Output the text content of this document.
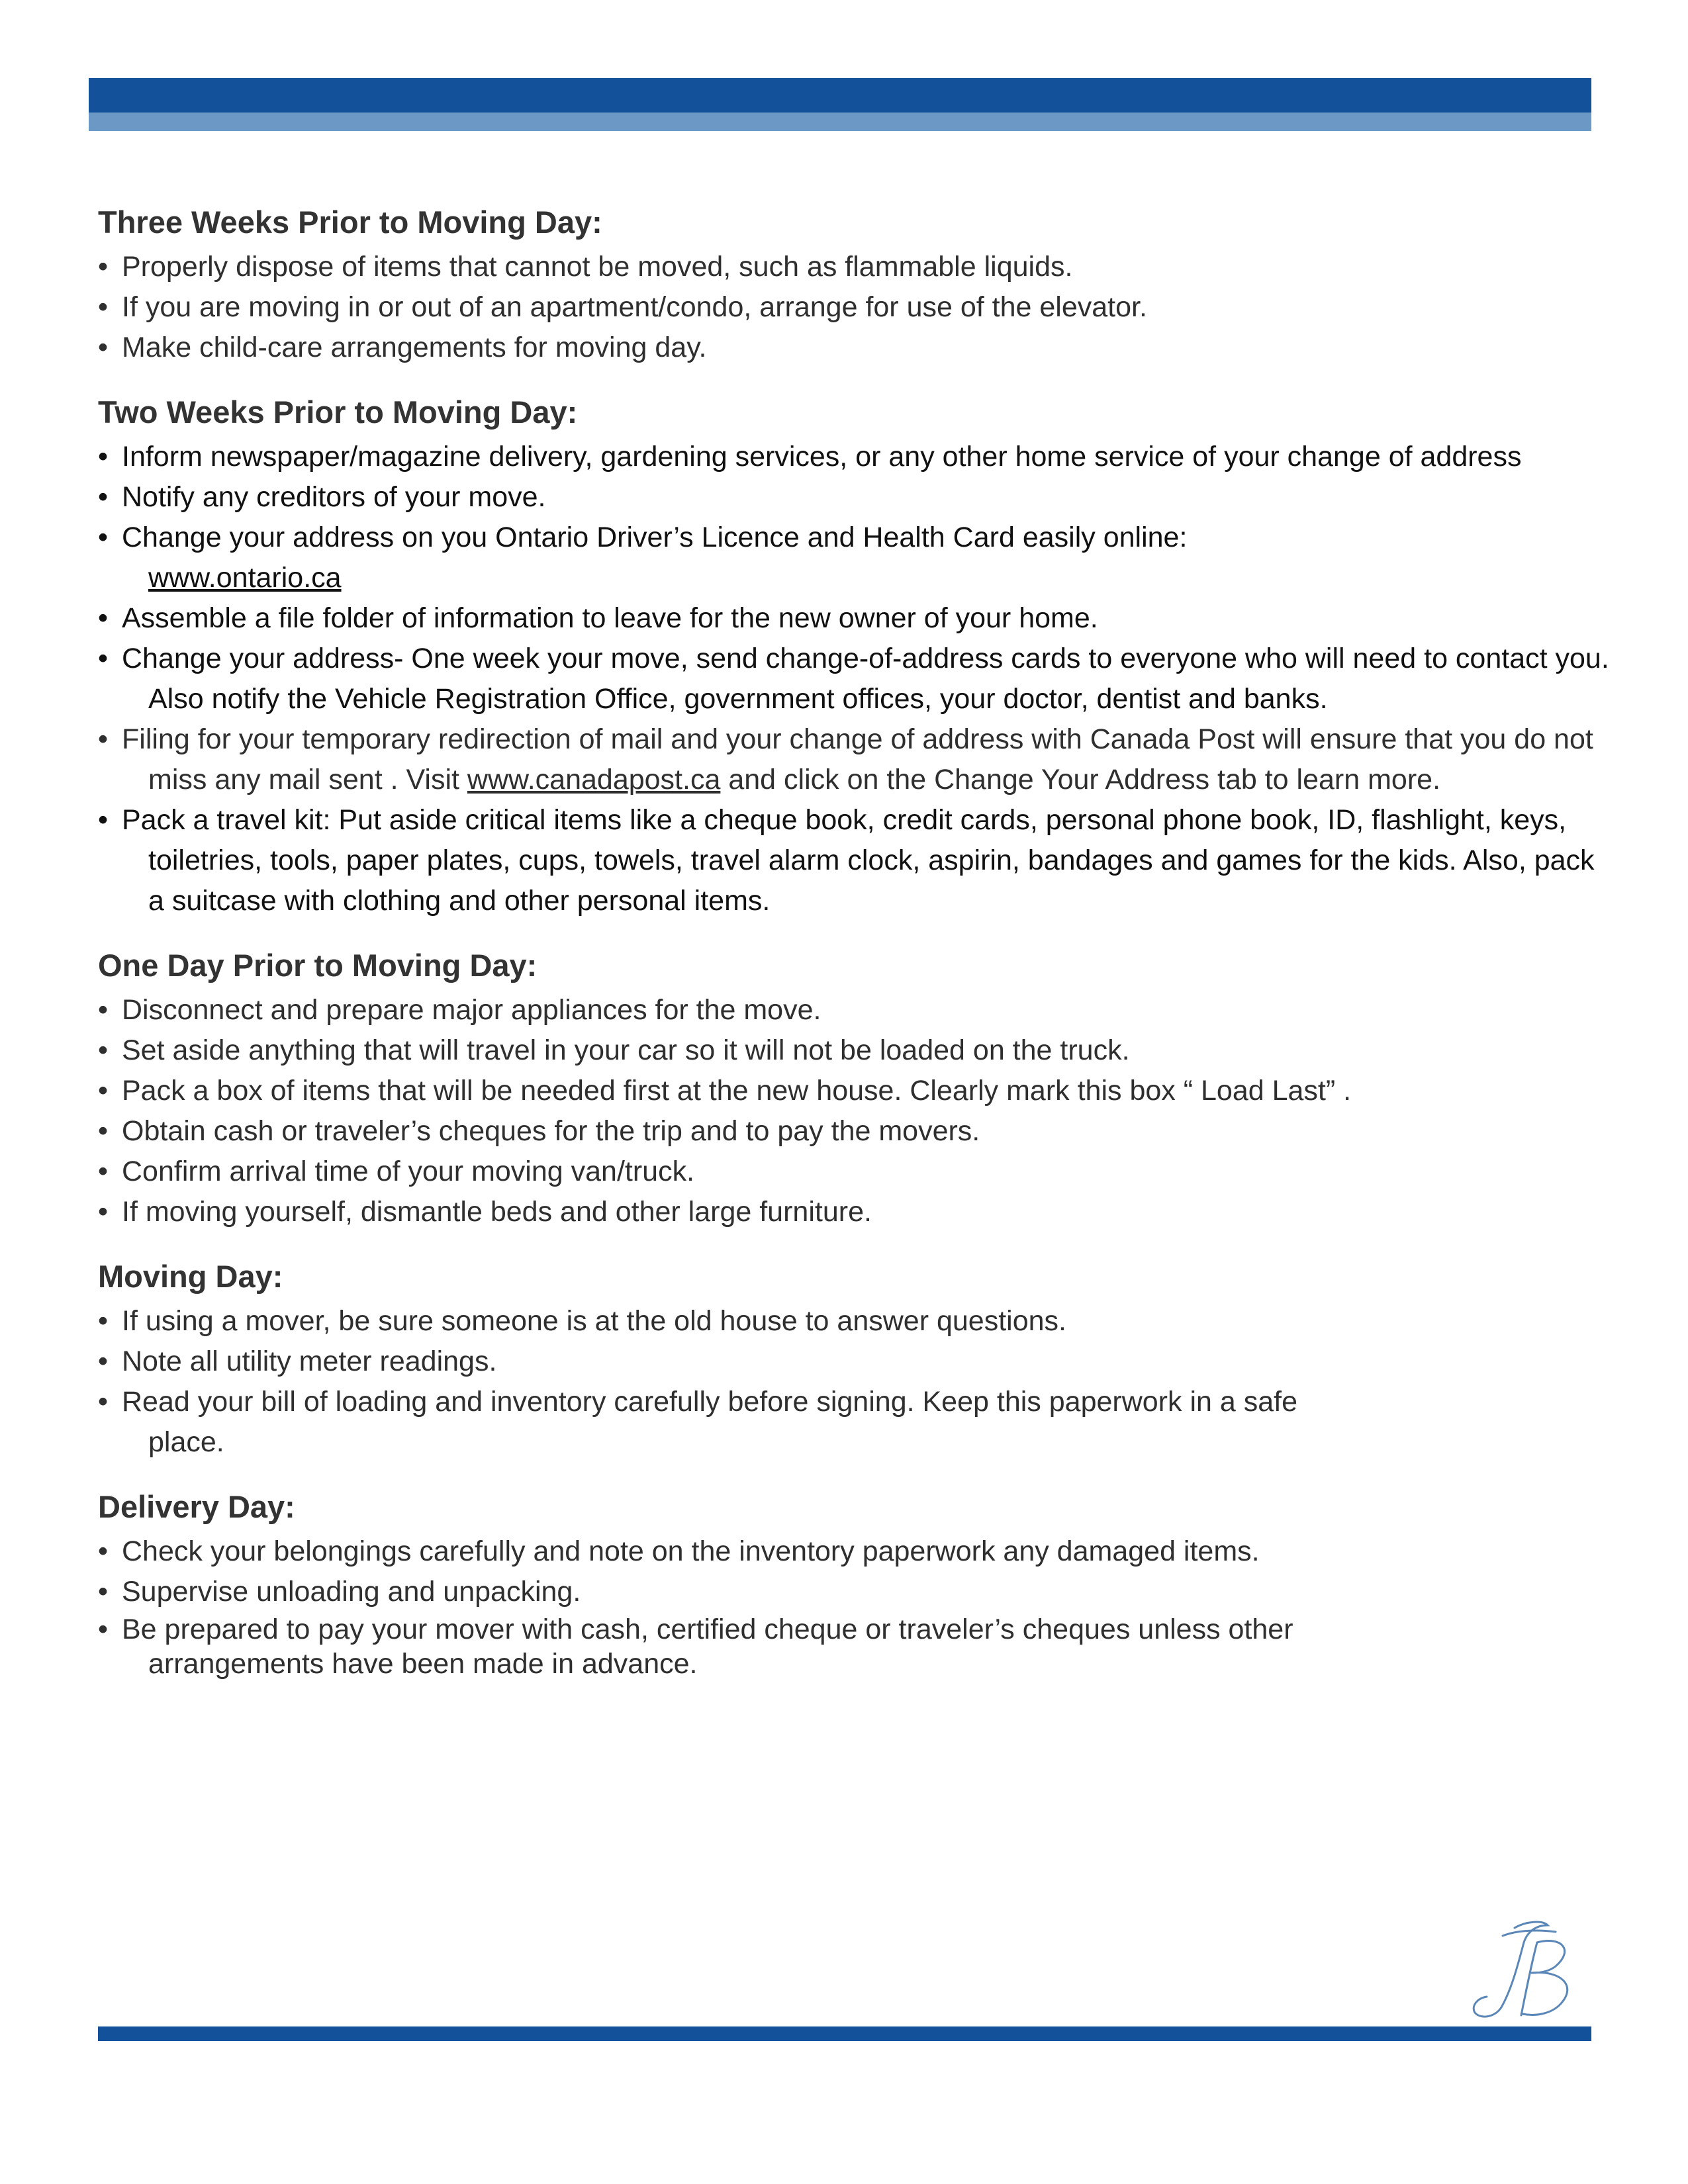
Three Weeks Prior to Moving Day:
• Properly dispose of items that cannot be moved, such as flammable liquids.
• If you are moving in or out of an apartment/condo, arrange for use of the elevator.
• Make child-care arrangements for moving day.
Two Weeks Prior to Moving Day:
• Inform newspaper/magazine delivery, gardening services, or any other home service of your change of address
• Notify any creditors of your move.
• Change your address on you Ontario Driver’s Licence and Health Card easily online:
www.ontario.ca
• Assemble a file folder of information to leave for the new owner of your home.
• Change your address- One week your move, send change-of-address cards to everyone who will need to contact you. Also notify the Vehicle Registration Office, government offices, your doctor, dentist and banks.
• Filing for your temporary redirection of mail and your change of address with Canada Post will ensure that you do not miss any mail sent . Visit www.canadapost.ca and click on the Change Your Address tab to learn more.
• Pack a travel kit: Put aside critical items like a cheque book, credit cards, personal phone book, ID, flashlight, keys, toiletries, tools, paper plates, cups, towels, travel alarm clock, aspirin, bandages and games for the kids. Also, pack a suitcase with clothing and other personal items.
One Day Prior to Moving Day:
• Disconnect and prepare major appliances for the move.
• Set aside anything that will travel in your car so it will not be loaded on the truck.
• Pack a box of items that will be needed first at the new house. Clearly mark this box “ Load Last” .
• Obtain cash or traveler’s cheques for the trip and to pay the movers.
• Confirm arrival time of your moving van/truck.
• If moving yourself, dismantle beds and other large furniture.
Moving Day:
• If using a mover, be sure someone is at the old house to answer questions.
• Note all utility meter readings.
• Read your bill of loading and inventory carefully before signing. Keep this paperwork in a safe place.
Delivery Day:
• Check your belongings carefully and note on the inventory paperwork any damaged items.
• Supervise unloading and unpacking.
• Be prepared to pay your mover with cash, certified cheque or traveler’s cheques unless other arrangements have been made in advance.
